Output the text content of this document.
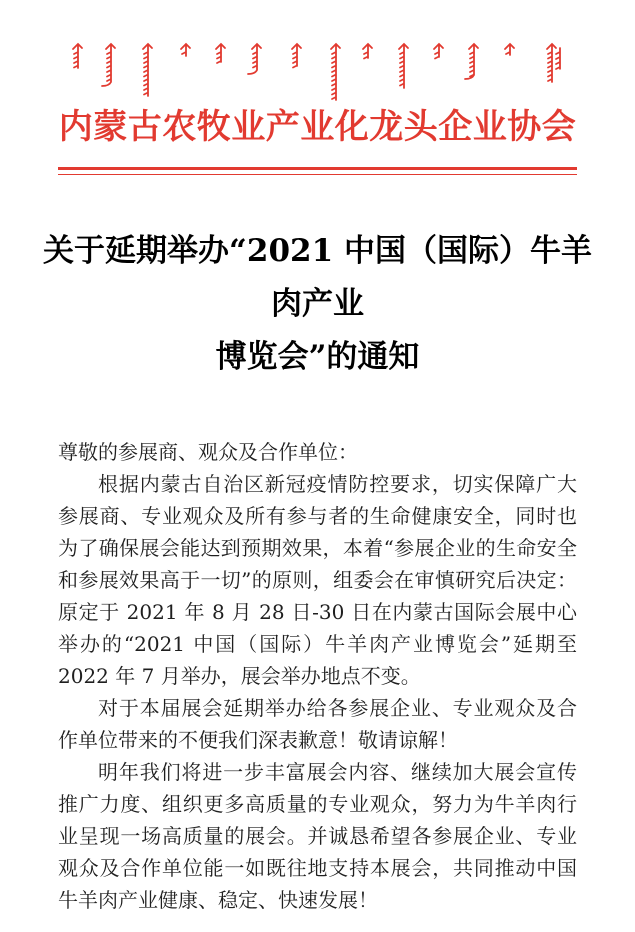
内蒙古农牧业产业化龙头企业协会
关于延期举办“2021 中国（国际）牛羊肉产业
博览会”的通知

尊敬的参展商、观众及合作单位：

根据内蒙古自治区新冠疫情防控要求，切实保障广大参展商、专业观众及所有参与者的生命健康安全，同时也为了确保展会能达到预期效果，本着“参展企业的生命安全和参展效果高于一切”的原则，组委会在审慎研究后决定：原定于 2021 年 8 月 28 日-30 日在内蒙古国际会展中心举办的“2021 中国（国际）牛羊肉产业博览会”延期至 2022 年 7 月举办，展会举办地点不变。

对于本届展会延期举办给各参展企业、专业观众及合作单位带来的不便我们深表歉意！敬请谅解！

明年我们将进一步丰富展会内容、继续加大展会宣传推广力度、组织更多高质量的专业观众，努力为牛羊肉行业呈现一场高质量的展会。并诚恳希望各参展企业、专业观众及合作单位能一如既往地支持本展会，共同推动中国牛羊肉产业健康、稳定、快速发展！
